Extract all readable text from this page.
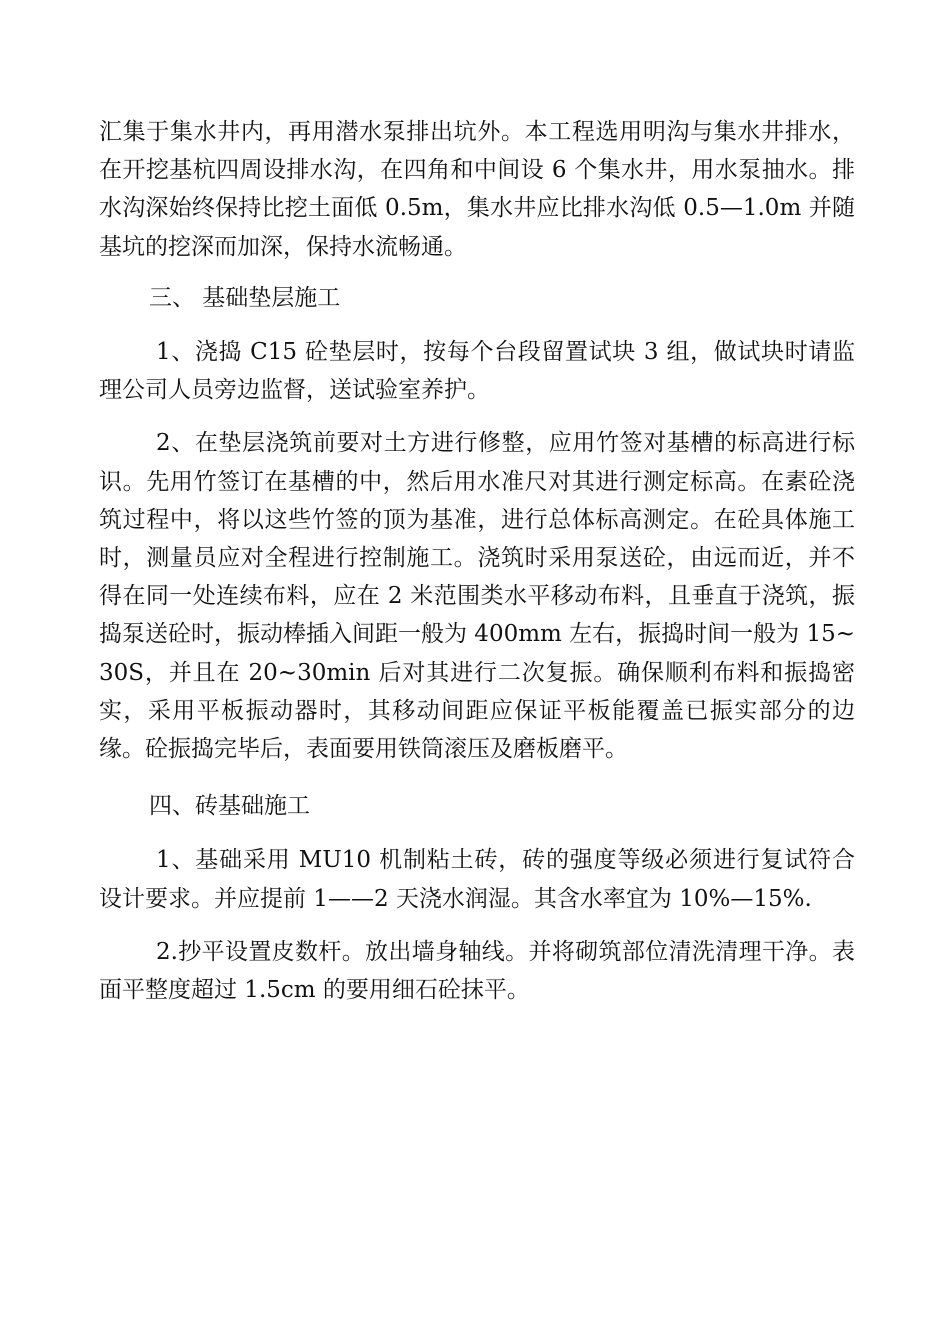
汇集于集水井内，再用潜水泵排出坑外。本工程选用明沟与集水井排水，在开挖基杭四周设排水沟，在四角和中间设 6 个集水井，用水泵抽水。排水沟深始终保持比挖土面低 0.5m，集水井应比排水沟低 0.5—1.0m 并随基坑的挖深而加深，保持水流畅通。

三、 基础垫层施工

1、浇捣 C15 砼垫层时，按每个台段留置试块 3 组，做试块时请监理公司人员旁边监督，送试验室养护。

2、在垫层浇筑前要对土方进行修整，应用竹签对基槽的标高进行标识。先用竹签订在基槽的中，然后用水准尺对其进行测定标高。在素砼浇筑过程中，将以这些竹签的顶为基准，进行总体标高测定。在砼具体施工时，测量员应对全程进行控制施工。浇筑时采用泵送砼，由远而近，并不得在同一处连续布料，应在 2 米范围类水平移动布料，且垂直于浇筑，振捣泵送砼时，振动棒插入间距一般为 400mm 左右，振捣时间一般为 15~30S，并且在 20~30min 后对其进行二次复振。确保顺利布料和振捣密实，采用平板振动器时，其移动间距应保证平板能覆盖已振实部分的边缘。砼振捣完毕后，表面要用铁筒滚压及磨板磨平。

四、砖基础施工

1、基础采用 MU10 机制粘土砖，砖的强度等级必须进行复试符合设计要求。并应提前 1——2 天浇水润湿。其含水率宜为 10%—15%.

2.抄平设置皮数杆。放出墙身轴线。并将砌筑部位清洗清理干净。表面平整度超过 1.5cm 的要用细石砼抹平。
